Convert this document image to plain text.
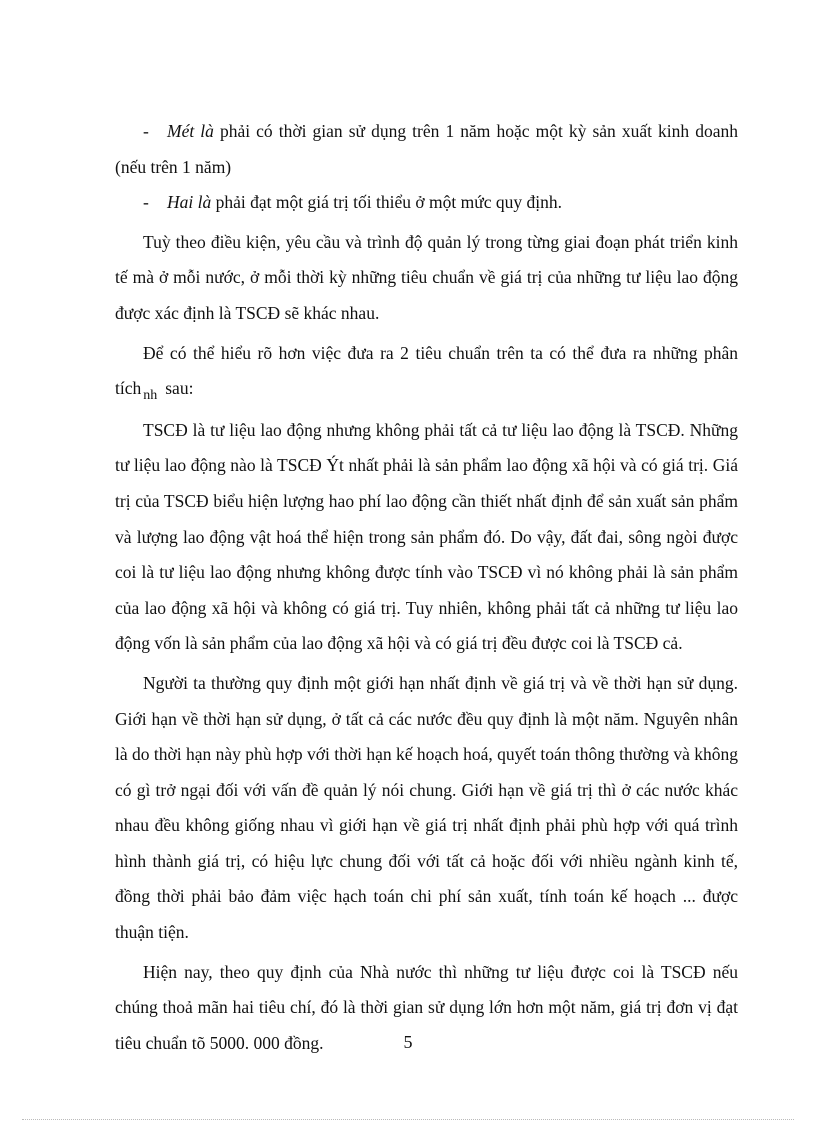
- Mét là phải có thời gian sử dụng trên 1 năm hoặc một kỳ sản xuất kinh doanh (nếu trên 1 năm)

- Hai là phải đạt một giá trị tối thiểu ở một mức quy định.

Tuỳ theo điều kiện, yêu cầu và trình độ quản lý trong từng giai đoạn phát triển kinh tế mà ở mỗi nước, ở mỗi thời kỳ những tiêu chuẩn về giá trị của những tư liệu lao động được xác định là TSCĐ sẽ khác nhau.

Để có thể hiểu rõ hơn việc đưa ra 2 tiêu chuẩn trên ta có thể đưa ra những phân tích $_{nh}$ sau:

TSCĐ là tư liệu lao động nhưng không phải tất cả tư liệu lao động là TSCĐ. Những tư liệu lao động nào là TSCĐ Ýt nhất phải là sản phẩm lao động xã hội và có giá trị. Giá trị của TSCĐ biểu hiện lượng hao phí lao động cần thiết nhất định để sản xuất sản phẩm và lượng lao động vật hoá thể hiện trong sản phẩm đó. Do vậy, đất đai, sông ngòi được coi là tư liệu lao động nhưng không được tính vào TSCĐ vì nó không phải là sản phẩm của lao động xã hội và không có giá trị. Tuy nhiên, không phải tất cả những tư liệu lao động vốn là sản phẩm của lao động xã hội và có giá trị đều được coi là TSCĐ cả.

Người ta thường quy định một giới hạn nhất định về giá trị và về thời hạn sử dụng. Giới hạn về thời hạn sử dụng, ở tất cả các nước đều quy định là một năm. Nguyên nhân là do thời hạn này phù hợp với thời hạn kế hoạch hoá, quyết toán thông thường và không có gì trở ngại đối với vấn đề quản lý nói chung. Giới hạn về giá trị thì ở các nước khác nhau đều không giống nhau vì giới hạn về giá trị nhất định phải phù hợp với quá trình hình thành giá trị, có hiệu lực chung đối với tất cả hoặc đối với nhiều ngành kinh tế, đồng thời phải bảo đảm việc hạch toán chi phí sản xuất, tính toán kế hoạch ... được thuận tiện.

Hiện nay, theo quy định của Nhà nước thì những tư liệu được coi là TSCĐ nếu chúng thoả mãn hai tiêu chí, đó là thời gian sử dụng lớn hơn một năm, giá trị đơn vị đạt tiêu chuẩn tõ 5000. 000 đồng.	5
